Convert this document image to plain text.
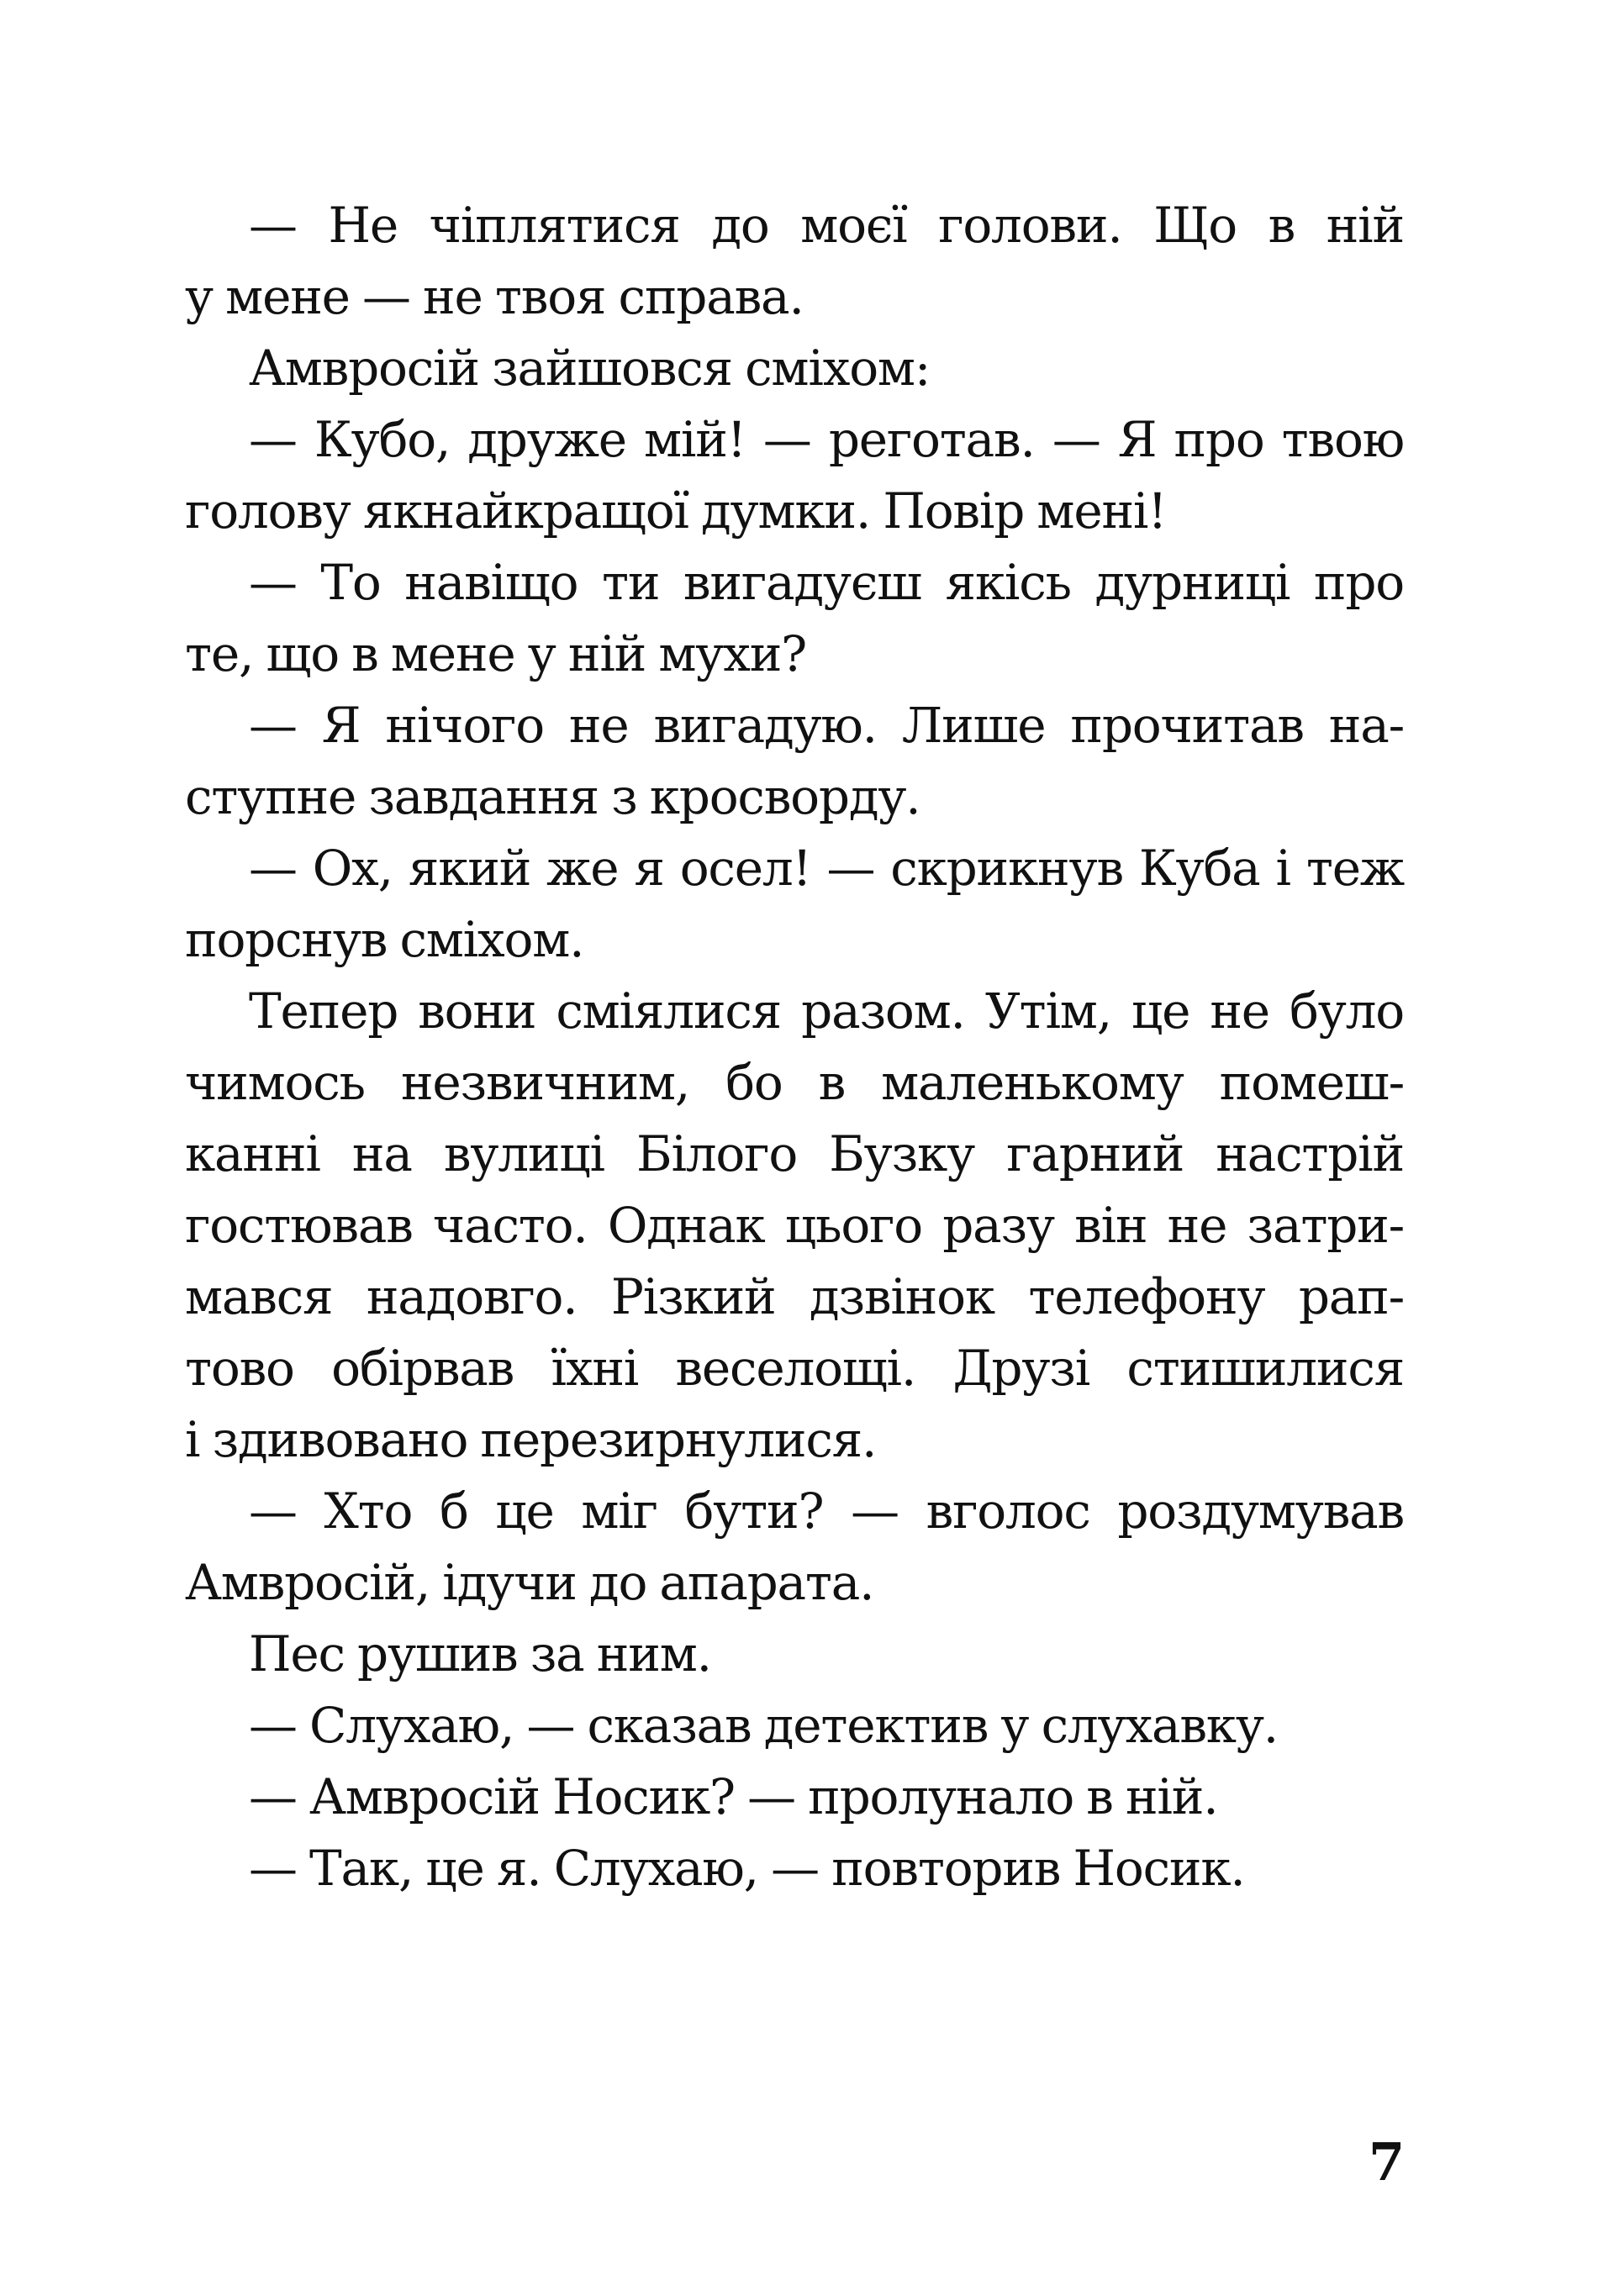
— Не чіплятися до моєї голови. Що в ній
у мене — не твоя справа.
Амвросій зайшовся сміхом:
— Кубо, друже мій! — реготав. — Я про твою
голову якнайкращої думки. Повір мені!
— То навіщо ти вигадуєш якісь дурниці про
те, що в мене у ній мухи?
— Я нічого не вигадую. Лише прочитав на-
ступне завдання з кросворду.
— Ох, який же я осел! — скрикнув Куба і теж
порснув сміхом.
Тепер вони сміялися разом. Утім, це не було
чимось незвичним, бо в маленькому помеш-
канні на вулиці Білого Бузку гарний настрій
гостював часто. Однак цього разу він не затри-
мався надовго. Різкий дзвінок телефону рап-
тово обірвав їхні веселощі. Друзі стишилися
і здивовано перезирнулися.
— Хто б це міг бути? — вголос роздумував
Амвросій, ідучи до апарата.
Пес рушив за ним.
— Слухаю, — сказав детектив у слухавку.
— Амвросій Носик? — пролунало в ній.
— Так, це я. Слухаю, — повторив Носик.
7
